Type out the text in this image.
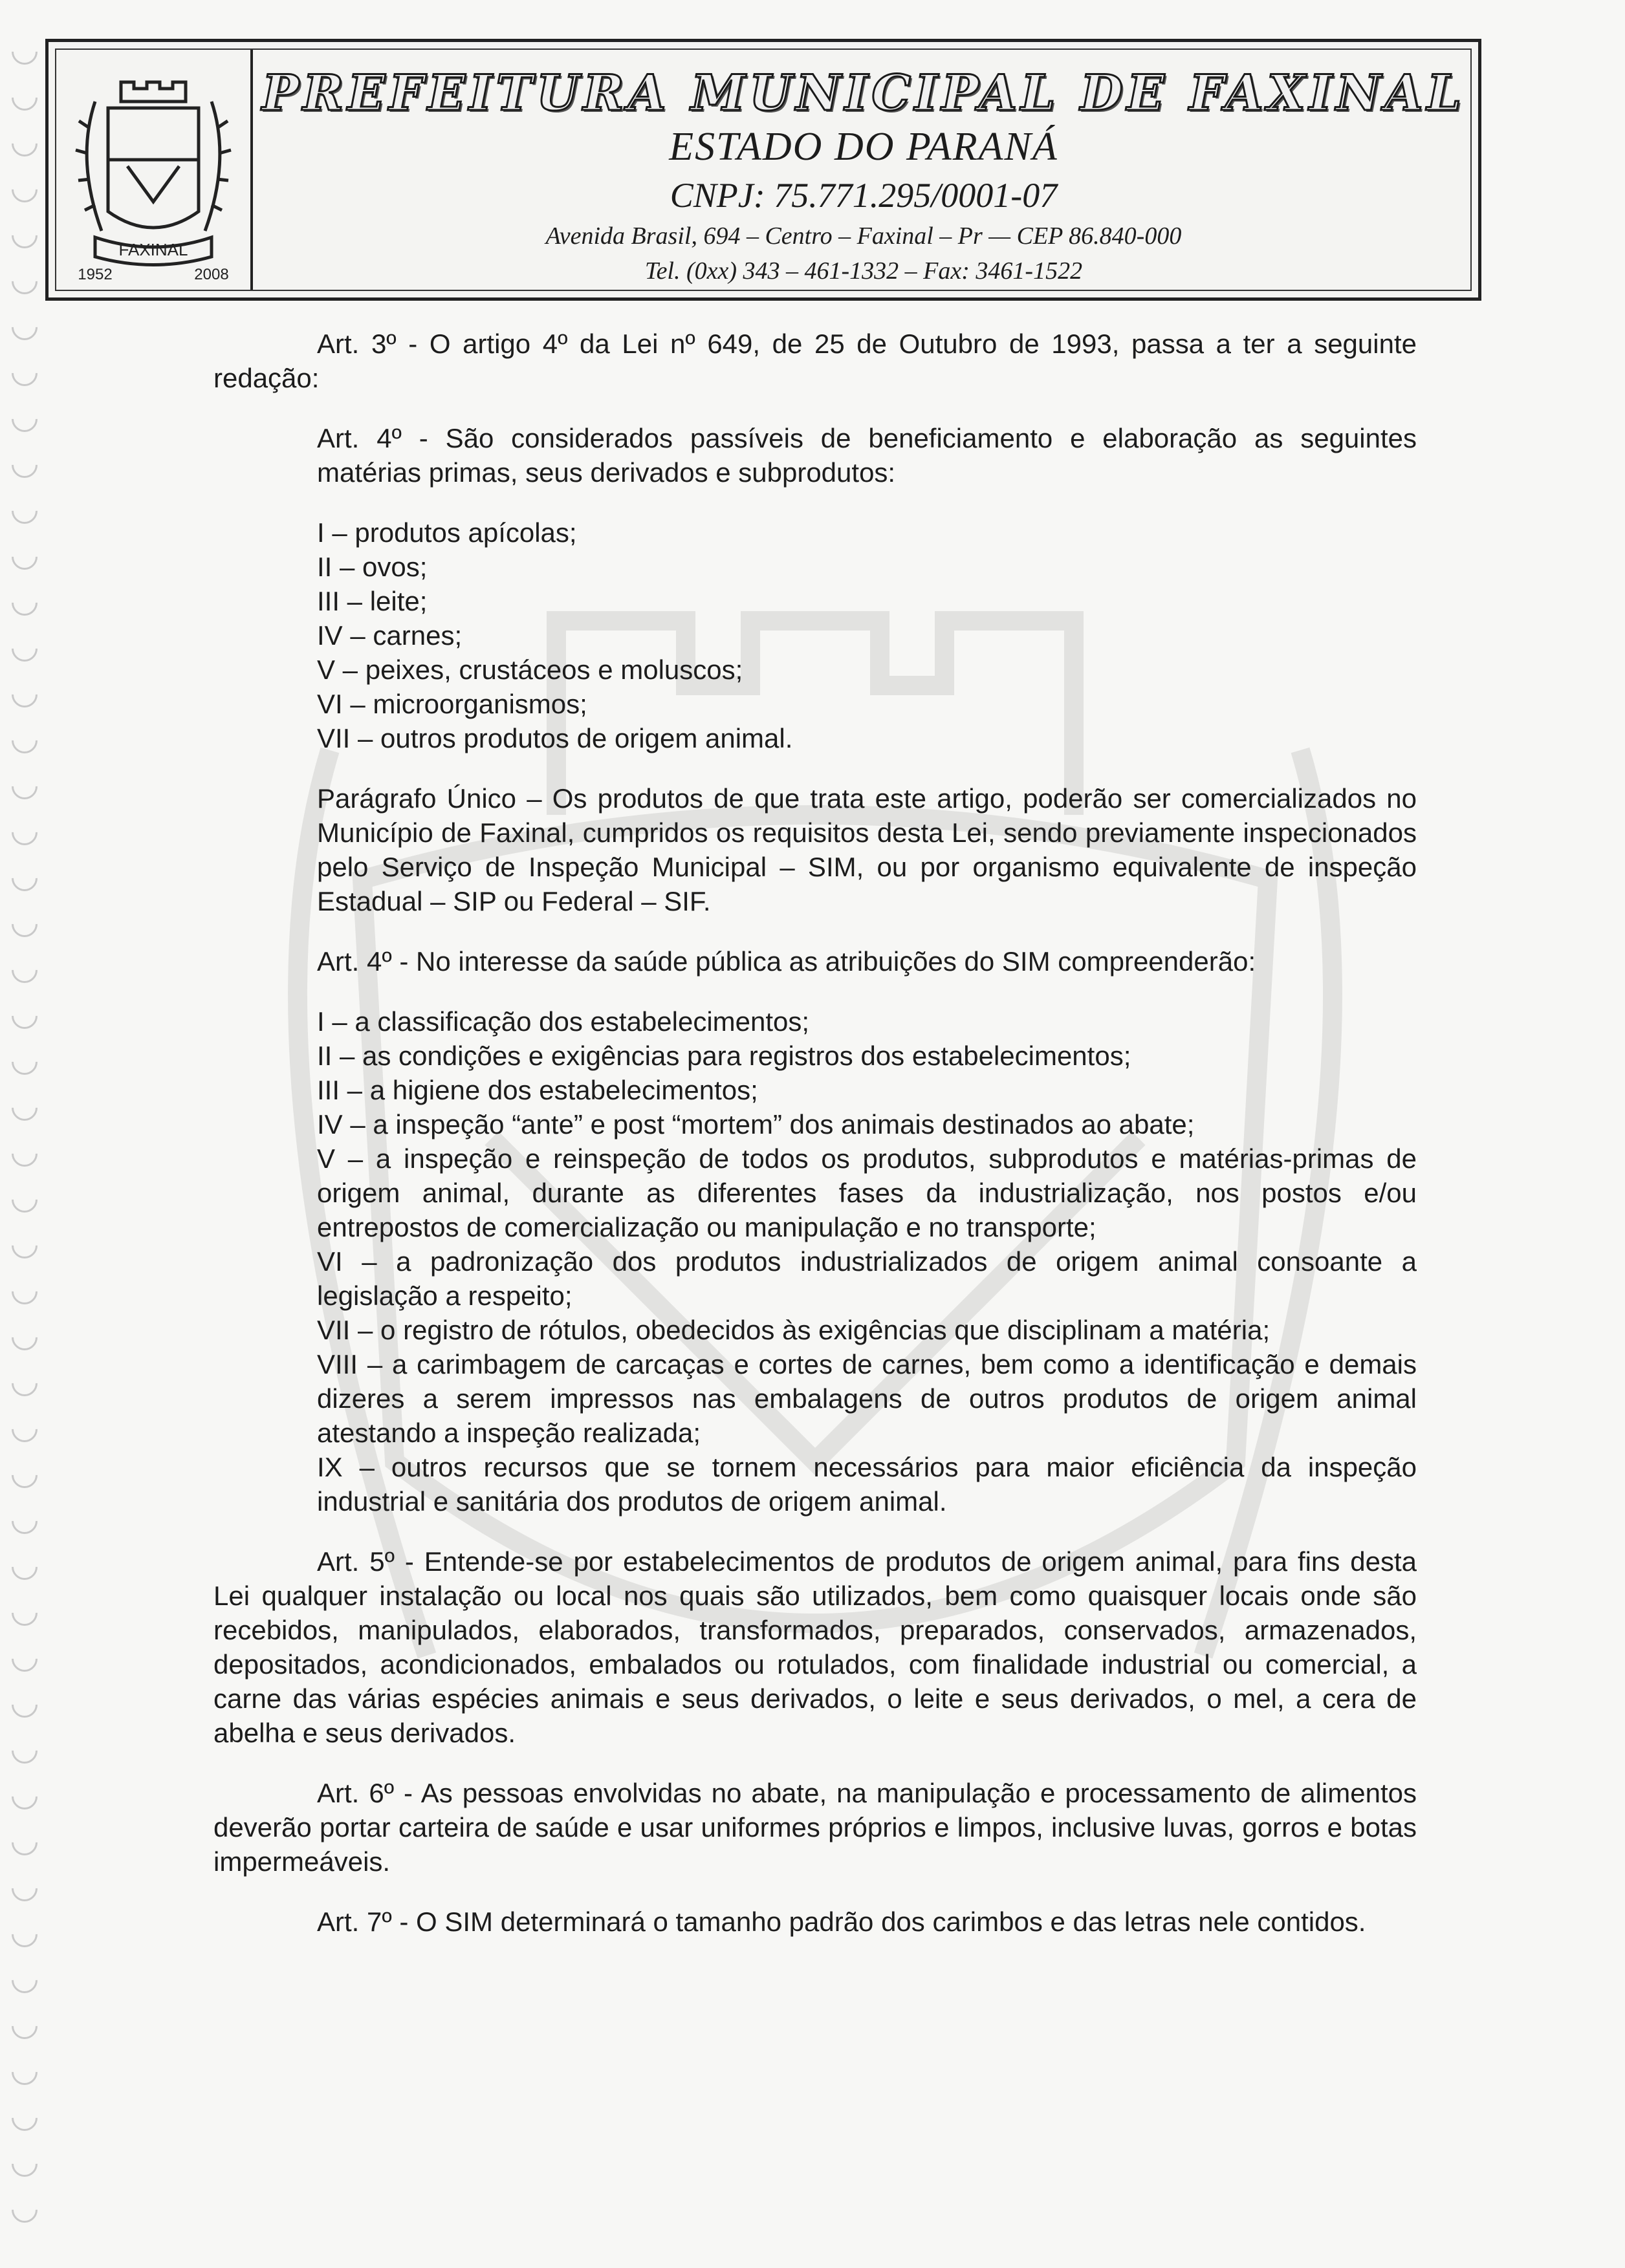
FAXINAL
1952	2008
PREFEITURA MUNICIPAL DE FAXINAL
ESTADO DO PARANÁ
CNPJ: 75.771.295/0001-07
Avenida Brasil, 694 – Centro – Faxinal – Pr — CEP 86.840-000
Tel. (0xx) 343 – 461-1332 – Fax: 3461-1522

Art. 3º - O artigo 4º da Lei nº 649, de 25 de Outubro de 1993, passa a ter a seguinte redação:

Art. 4º - São considerados passíveis de beneficiamento e elaboração as seguintes matérias primas, seus derivados e subprodutos:

I – produtos apícolas;
II – ovos;
III – leite;
IV – carnes;
V – peixes, crustáceos e moluscos;
VI – microorganismos;
VII – outros produtos de origem animal.

Parágrafo Único – Os produtos de que trata este artigo, poderão ser comercializados no Município de Faxinal, cumpridos os requisitos desta Lei, sendo previamente inspecionados pelo Serviço de Inspeção Municipal – SIM, ou por organismo equivalente de inspeção Estadual – SIP ou Federal – SIF.

Art. 4º - No interesse da saúde pública as atribuições do SIM compreenderão:

I – a classificação dos estabelecimentos;
II – as condições e exigências para registros dos estabelecimentos;
III – a higiene dos estabelecimentos;
IV – a inspeção “ante” e post “mortem” dos animais destinados ao abate;
V – a inspeção e reinspeção de todos os produtos, subprodutos e matérias-primas de origem animal, durante as diferentes fases da industrialização, nos postos e/ou entrepostos de comercialização ou manipulação e no transporte;
VI – a padronização dos produtos industrializados de origem animal consoante a legislação a respeito;
VII – o registro de rótulos, obedecidos às exigências que disciplinam a matéria;
VIII – a carimbagem de carcaças e cortes de carnes, bem como a identificação e demais dizeres a serem impressos nas embalagens de outros produtos de origem animal atestando a inspeção realizada;
IX – outros recursos que se tornem necessários para maior eficiência da inspeção industrial e sanitária dos produtos de origem animal.

Art. 5º - Entende-se por estabelecimentos de produtos de origem animal, para fins desta Lei qualquer instalação ou local nos quais são utilizados, bem como quaisquer locais onde são recebidos, manipulados, elaborados, transformados, preparados, conservados, armazenados, depositados, acondicionados, embalados ou rotulados, com finalidade industrial ou comercial, a carne das várias espécies animais e seus derivados, o leite e seus derivados, o mel, a cera de abelha e seus derivados.

Art. 6º - As pessoas envolvidas no abate, na manipulação e processamento de alimentos deverão portar carteira de saúde e usar uniformes próprios e limpos, inclusive luvas, gorros e botas impermeáveis.

Art. 7º - O SIM determinará o tamanho padrão dos carimbos e das letras nele contidos.
